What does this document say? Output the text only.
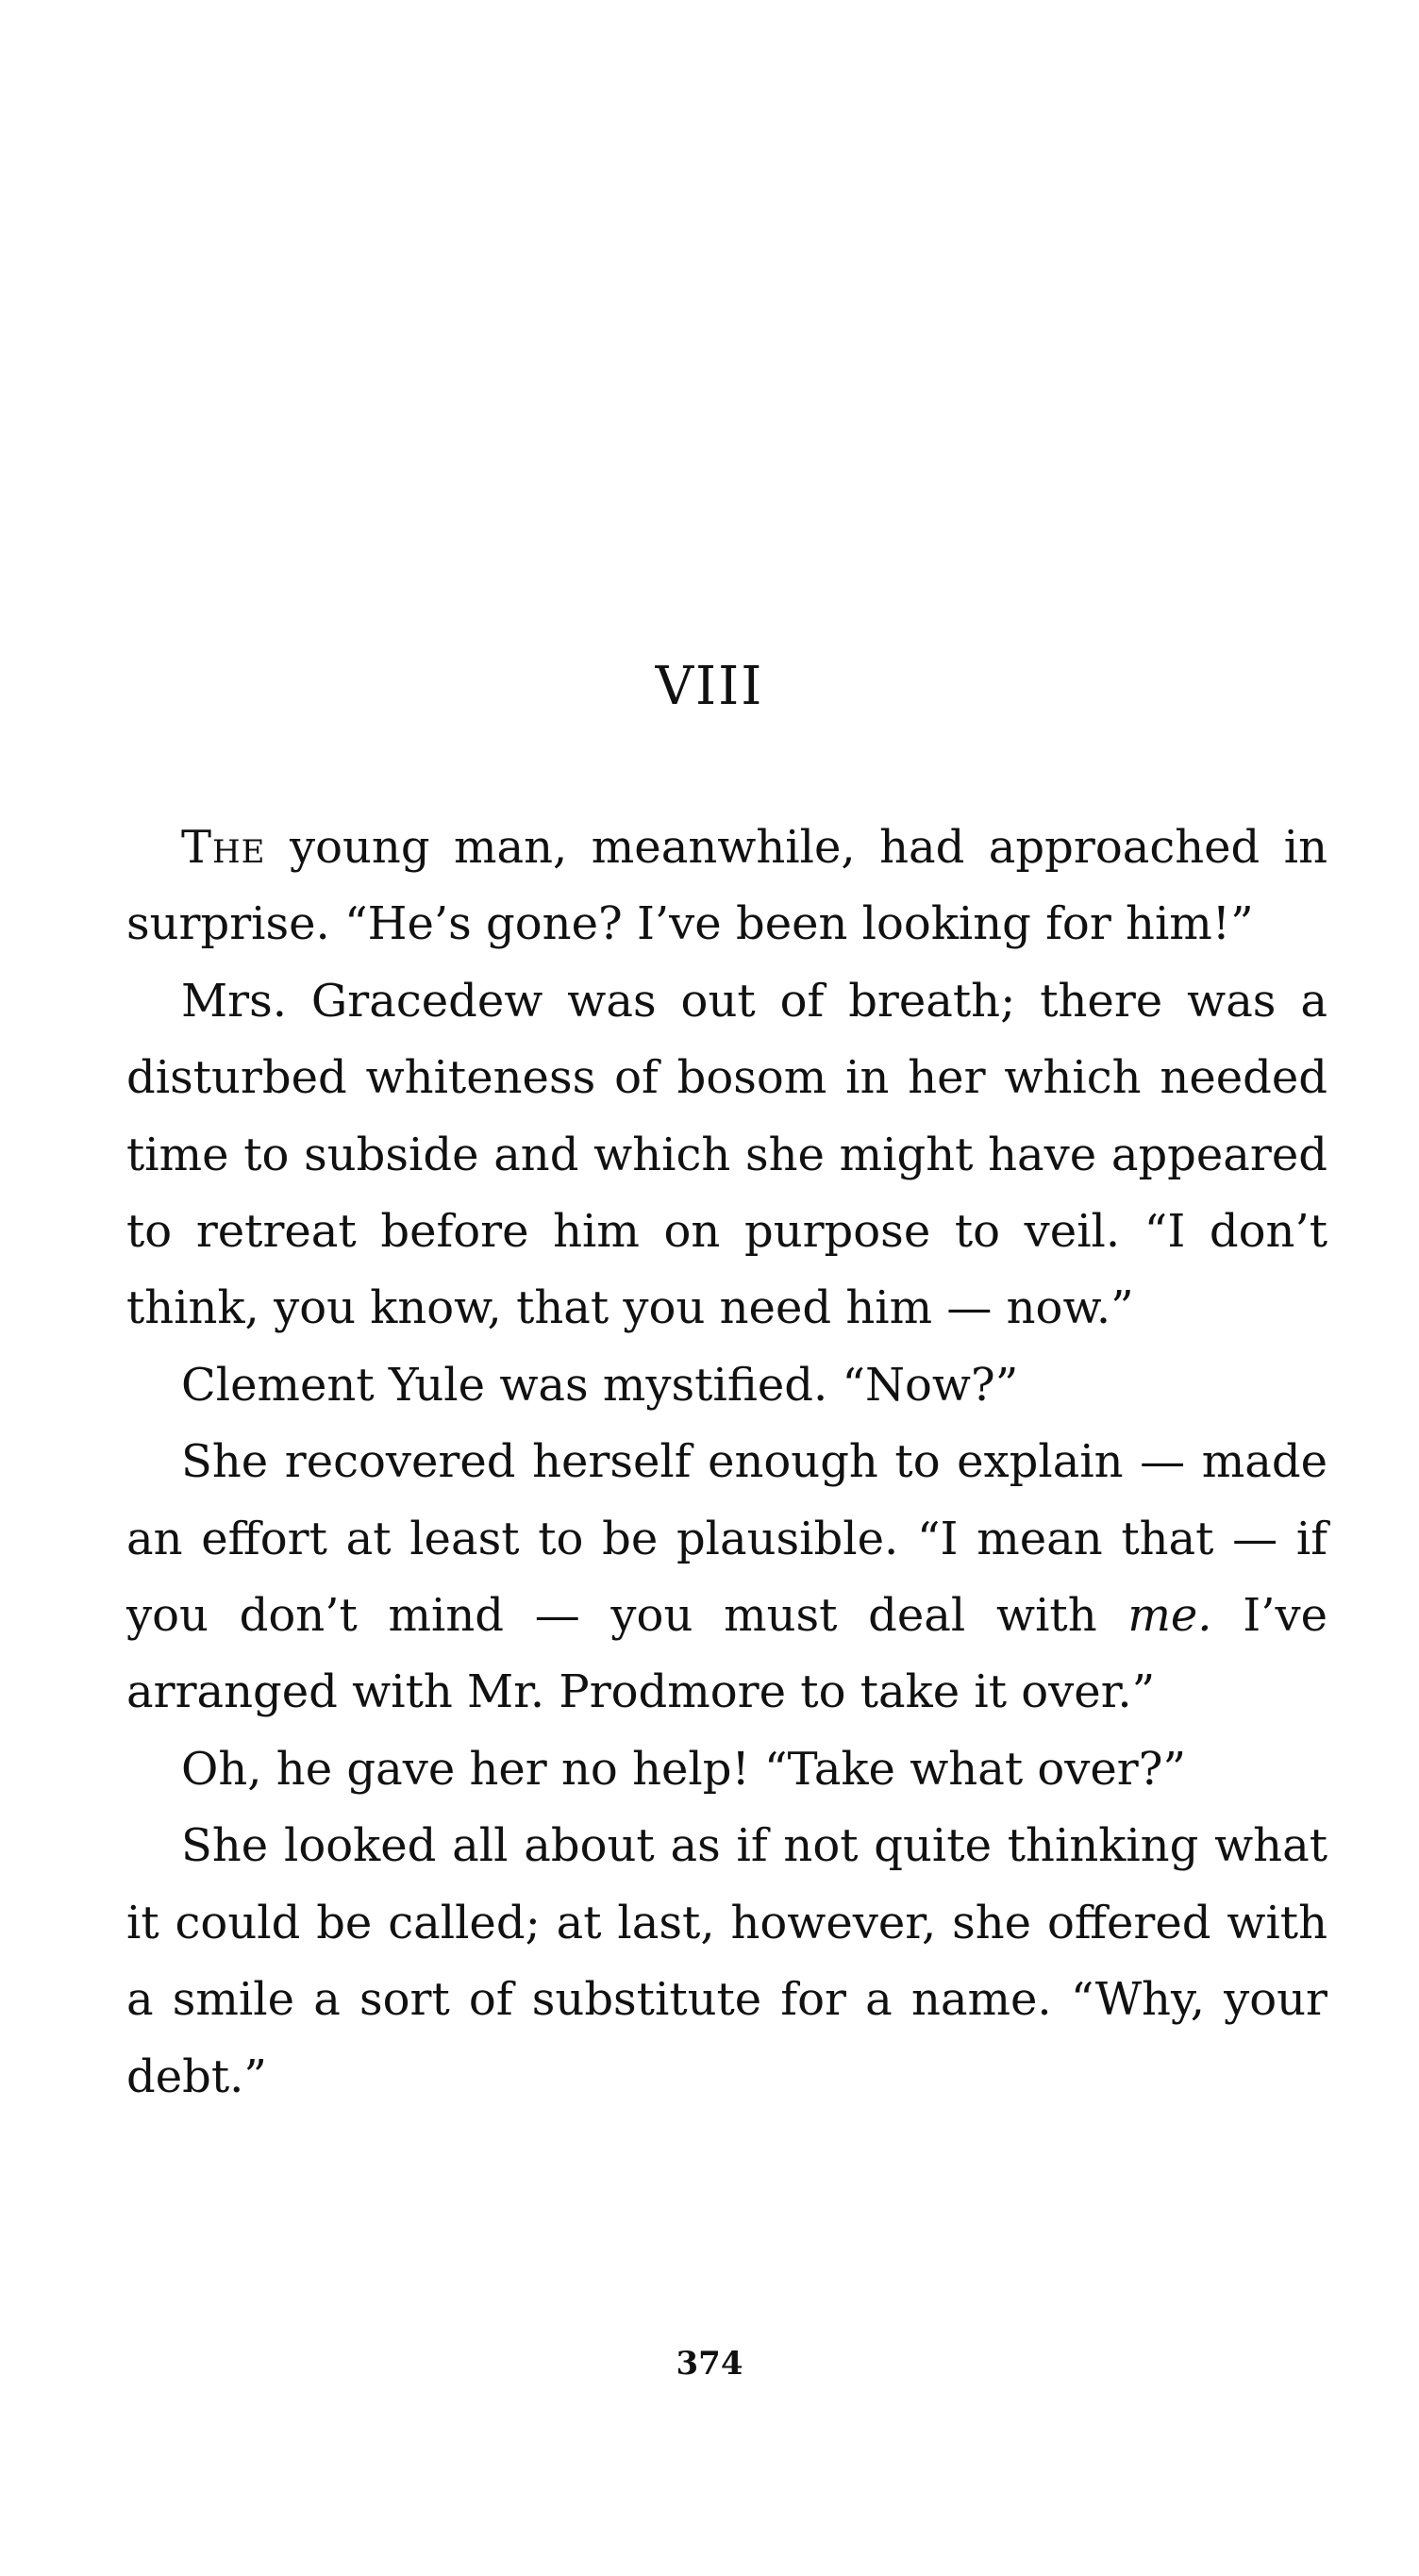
VIII

The young man, meanwhile, had approached in surprise. “He’s gone? I’ve been looking for him!”

Mrs. Gracedew was out of breath; there was a disturbed whiteness of bosom in her which needed time to subside and which she might have appeared to retreat before him on purpose to veil. “I don’t think, you know, that you need him — now.”

Clement Yule was mystified. “Now?”

She recovered herself enough to explain — made an effort at least to be plausible. “I mean that — if you don’t mind — you must deal with me. I’ve arranged with Mr. Prodmore to take it over.”

Oh, he gave her no help! “Take what over?”

She looked all about as if not quite thinking what it could be called; at last, however, she offered with a smile a sort of substitute for a name. “Why, your debt.”

374
